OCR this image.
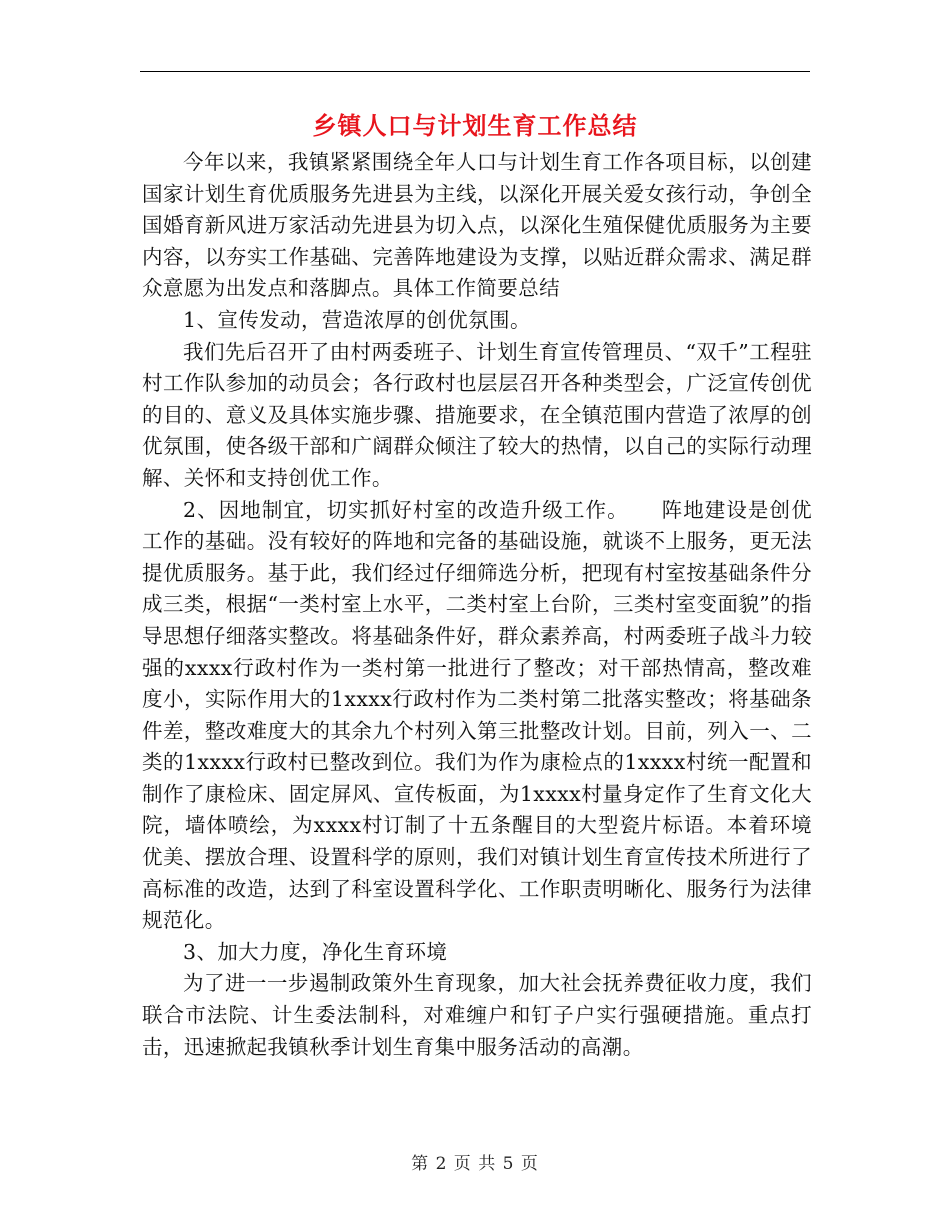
乡镇人口与计划生育工作总结

今年以来，我镇紧紧围绕全年人口与计划生育工作各项目标，以创建国家计划生育优质服务先进县为主线，以深化开展关爱女孩行动，争创全国婚育新风进万家活动先进县为切入点，以深化生殖保健优质服务为主要内容，以夯实工作基础、完善阵地建设为支撑，以贴近群众需求、满足群众意愿为出发点和落脚点。具体工作简要总结

1、宣传发动，营造浓厚的创优氛围。

我们先后召开了由村两委班子、计划生育宣传管理员、“双千”工程驻村工作队参加的动员会；各行政村也层层召开各种类型会，广泛宣传创优的目的、意义及具体实施步骤、措施要求，在全镇范围内营造了浓厚的创优氛围，使各级干部和广阔群众倾注了较大的热情，以自己的实际行动理解、关怀和支持创优工作。

2、因地制宜，切实抓好村室的改造升级工作。　　阵地建设是创优工作的基础。没有较好的阵地和完备的基础设施，就谈不上服务，更无法提优质服务。基于此，我们经过仔细筛选分析，把现有村室按基础条件分成三类，根据“一类村室上水平，二类村室上台阶，三类村室变面貌”的指导思想仔细落实整改。将基础条件好，群众素养高，村两委班子战斗力较强的xxxx行政村作为一类村第一批进行了整改；对干部热情高，整改难度小，实际作用大的1xxxx行政村作为二类村第二批落实整改；将基础条件差，整改难度大的其余九个村列入第三批整改计划。目前，列入一、二类的1xxxx行政村已整改到位。我们为作为康检点的1xxxx村统一配置和制作了康检床、固定屏风、宣传板面，为1xxxx村量身定作了生育文化大院，墙体喷绘，为xxxx村订制了十五条醒目的大型瓷片标语。本着环境优美、摆放合理、设置科学的原则，我们对镇计划生育宣传技术所进行了高标准的改造，达到了科室设置科学化、工作职责明晰化、服务行为法律规范化。

3、加大力度，净化生育环境

为了进一一步遏制政策外生育现象，加大社会抚养费征收力度，我们联合市法院、计生委法制科，对难缠户和钉子户实行强硬措施。重点打击，迅速掀起我镇秋季计划生育集中服务活动的高潮。

第 2 页 共 5 页
